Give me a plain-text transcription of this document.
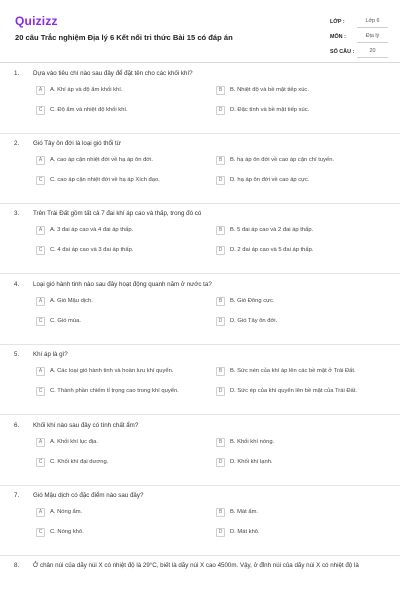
Quizizz
20 câu Trắc nghiệm Địa lý 6 Kết nối tri thức Bài 15 có đáp án
LỚP :	Lớp 6
MÔN :	Địa lý
SỐ CÂU :	20
1. Dựa vào tiêu chí nào sau đây để đặt tên cho các khối khí?
A	A. Khí áp và độ ẩm khối khí.	B	B. Nhiệt độ và bề mặt tiếp xúc.
C	C. Độ ẩm và nhiệt độ khối khí.	D	D. Đặc tính và bề mặt tiếp xúc.
2. Gió Tây ôn đới là loại gió thổi từ
A	A. cao áp cận nhiệt đới về hạ áp ôn đới.	B	B. hạ áp ôn đới về cao áp cận chí tuyến.
C	C. cao áp cận nhiệt đới về hạ áp Xích đạo.	D	D. hạ áp ôn đới về cao áp cực.
3. Trên Trái Đất gồm tất cả 7 đai khí áp cao và thấp, trong đó có
A	A. 3 đai áp cao và 4 đai áp thấp.	B	B. 5 đai áp cao và 2 đai áp thấp.
C	C. 4 đai áp cao và 3 đai áp thấp.	D	D. 2 đai áp cao và 5 đai áp thấp.
4. Loại gió hành tinh nào sau đây hoạt động quanh năm ở nước ta?
A	A. Gió Mậu dịch.	B	B. Gió Đông cực.
C	C. Gió mùa.	D	D. Gió Tây ôn đới.
5. Khí áp là gì?
A	A. Các loại gió hành tinh và hoàn lưu khí quyển.	B	B. Sức nén của khí áp lên các bề mặt ở Trái Đất.
C	C. Thành phần chiếm tỉ trọng cao trong khí quyển.	D	D. Sức ép của khí quyển lên bề mặt của Trái Đất.
6. Khối khí nào sau đây có tính chất ẩm?
A	A. Khối khí lục địa.	B	B. Khối khí nóng.
C	C. Khối khí đại dương.	D	D. Khối khí lạnh.
7. Gió Mậu dịch có đặc điểm nào sau đây?
A	A. Nóng ẩm.	B	B. Mát ẩm.
C	C. Nóng khô.	D	D. Mát khô.
8. Ở chân núi của dãy núi X có nhiệt độ là 29°C, biết là dãy núi X cao 4500m. Vậy, ở đỉnh núi của dãy núi X có nhiệt độ là
